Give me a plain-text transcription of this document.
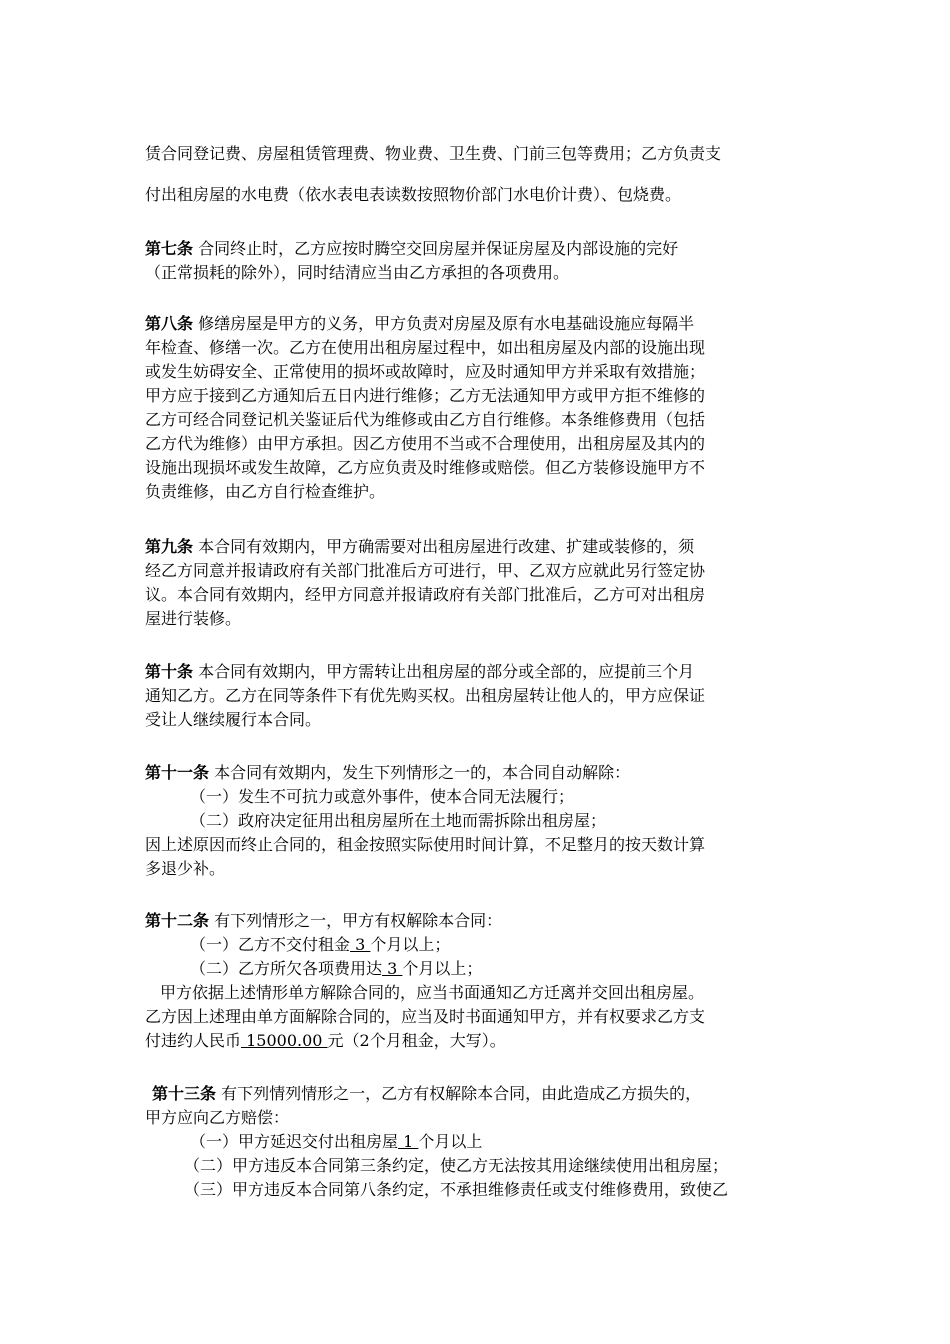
赁合同登记费、房屋租赁管理费、物业费、卫生费、门前三包等费用；乙方负责支
付出租房屋的水电费（依水表电表读数按照物价部门水电价计费）、包烧费。
第七条 合同终止时，乙方应按时腾空交回房屋并保证房屋及内部设施的完好
（正常损耗的除外），同时结清应当由乙方承担的各项费用。
第八条 修缮房屋是甲方的义务，甲方负责对房屋及原有水电基础设施应每隔半
年检查、修缮一次。乙方在使用出租房屋过程中，如出租房屋及内部的设施出现
或发生妨碍安全、正常使用的损坏或故障时，应及时通知甲方并采取有效措施；
甲方应于接到乙方通知后五日内进行维修；乙方无法通知甲方或甲方拒不维修的
乙方可经合同登记机关鉴证后代为维修或由乙方自行维修。本条维修费用（包括
乙方代为维修）由甲方承担。因乙方使用不当或不合理使用，出租房屋及其内的
设施出现损坏或发生故障，乙方应负责及时维修或赔偿。但乙方装修设施甲方不
负责维修，由乙方自行检查维护。
第九条 本合同有效期内，甲方确需要对出租房屋进行改建、扩建或装修的，须
经乙方同意并报请政府有关部门批准后方可进行，甲、乙双方应就此另行签定协
议。本合同有效期内，经甲方同意并报请政府有关部门批准后，乙方可对出租房
屋进行装修。
第十条 本合同有效期内，甲方需转让出租房屋的部分或全部的，应提前三个月
通知乙方。乙方在同等条件下有优先购买权。出租房屋转让他人的，甲方应保证
受让人继续履行本合同。
第十一条 本合同有效期内，发生下列情形之一的，本合同自动解除：
（一）发生不可抗力或意外事件，使本合同无法履行；
（二）政府决定征用出租房屋所在土地而需拆除出租房屋；
因上述原因而终止合同的，租金按照实际使用时间计算，不足整月的按天数计算
多退少补。
第十二条 有下列情形之一，甲方有权解除本合同：
（一）乙方不交付租金 3 个月以上；
（二）乙方所欠各项费用达 3 个月以上；
甲方依据上述情形单方解除合同的，应当书面通知乙方迁离并交回出租房屋。
乙方因上述理由单方面解除合同的，应当及时书面通知甲方，并有权要求乙方支
付违约人民币 15000.00 元（2个月租金，大写）。
第十三条 有下列情列情形之一，乙方有权解除本合同，由此造成乙方损失的，
甲方应向乙方赔偿：
（一）甲方延迟交付出租房屋 1 个月以上
（二）甲方违反本合同第三条约定，使乙方无法按其用途继续使用出租房屋；
（三）甲方违反本合同第八条约定，不承担维修责任或支付维修费用，致使乙
